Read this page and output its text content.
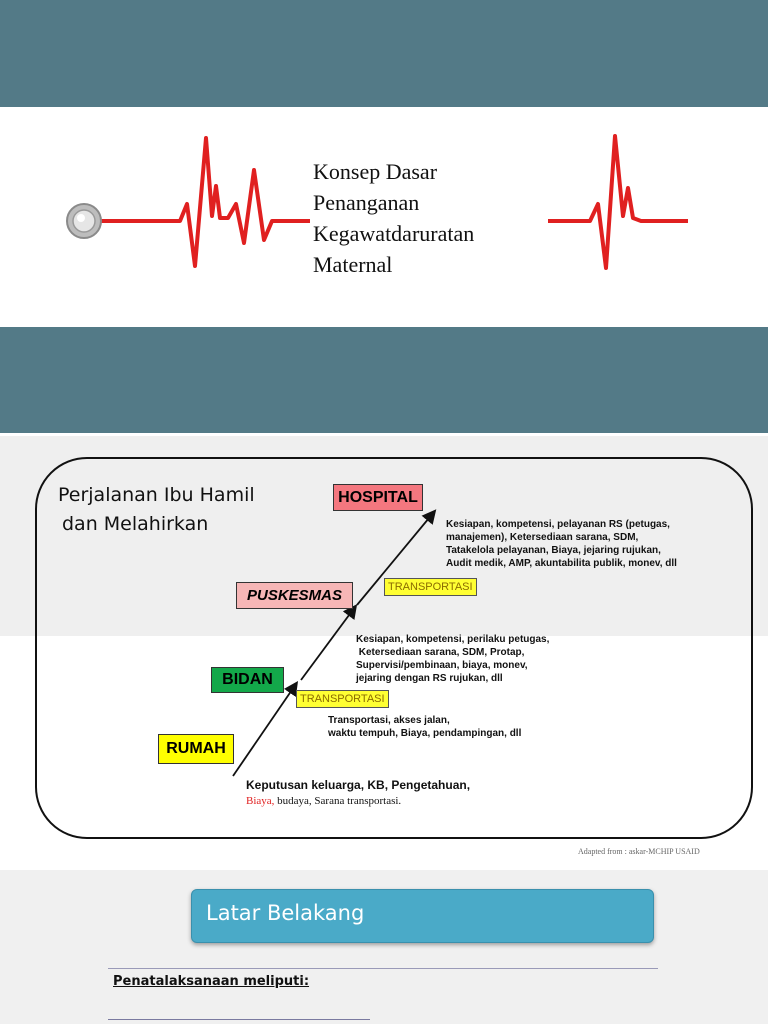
Konsep Dasar
Penanganan
Kegawatdaruratan
Maternal
Perjalanan Ibu Hamil
dan Melahirkan
HOSPITAL
PUSKESMAS
BIDAN
RUMAH
TRANSPORTASI
TRANSPORTASI
Kesiapan, kompetensi, pelayanan RS (petugas,
manajemen), Ketersediaan sarana, SDM,
Tatakelola pelayanan, Biaya, jejaring rujukan,
Audit medik, AMP, akuntabilita publik, monev, dll
Kesiapan, kompetensi, perilaku petugas,
Ketersediaan sarana, SDM, Protap,
Supervisi/pembinaan, biaya, monev,
jejaring dengan RS rujukan, dll
Transportasi, akses jalan,
waktu tempuh, Biaya, pendampingan, dll
Keputusan keluarga, KB, Pengetahuan,
Biaya, budaya, Sarana transportasi.
Adapted from : askar-MCHIP USAID
Latar Belakang
Penatalaksanaan meliputi:
